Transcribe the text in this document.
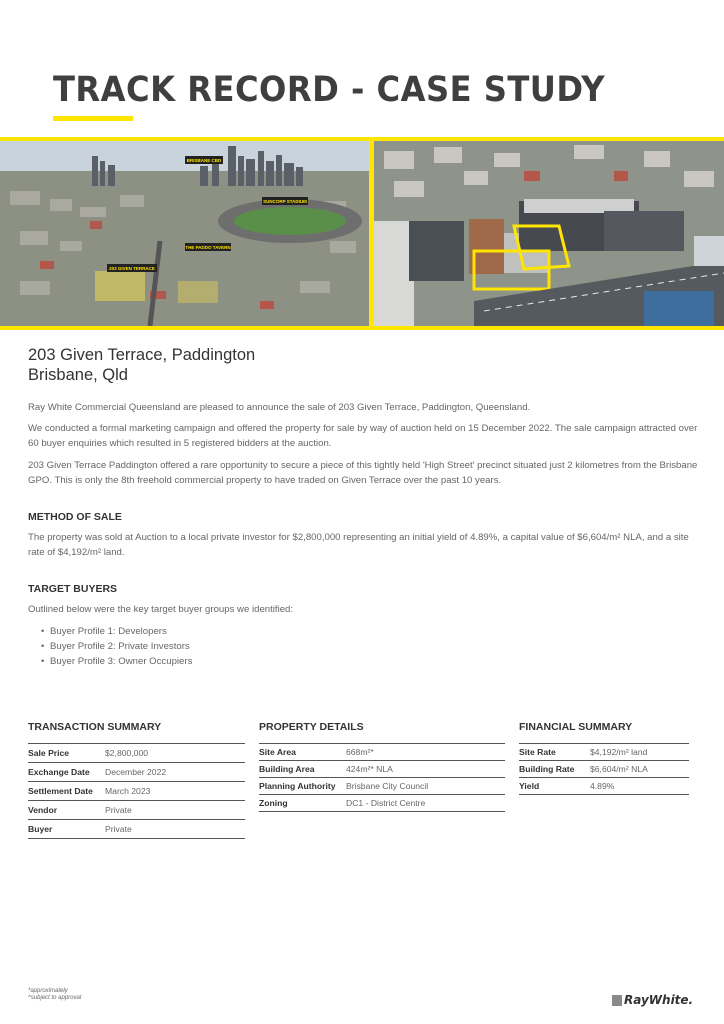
TRACK RECORD - CASE STUDY
BRISBANE CBD
SUNCORP STADIUM
203 GIVEN TERRACE
THE PADDO TAVERN
203 Given Terrace, Paddington
Brisbane, Qld
Ray White Commercial Queensland are pleased to announce the sale of 203 Given Terrace, Paddington, Queensland.
We conducted a formal marketing campaign and offered the property for sale by way of auction held on 15 December 2022. The sale campaign attracted over 60 buyer enquiries which resulted in 5 registered bidders at the auction.
203 Given Terrace Paddington offered a rare opportunity to secure a piece of this tightly held 'High Street' precinct situated just 2 kilometres from the Brisbane GPO. This is only the 8th freehold commercial property to have traded on Given Terrace over the past 10 years.
METHOD OF SALE
The property was sold at Auction to a local private investor for $2,800,000 representing an initial yield of 4.89%, a capital value of $6,604/m² NLA, and a site rate of $4,192/m² land.
TARGET BUYERS
Outlined below were the key target buyer groups we identified:
• Buyer Profile 1: Developers
• Buyer Profile 2: Private Investors
• Buyer Profile 3: Owner Occupiers
TRANSACTION SUMMARY
Sale Price	$2,800,000
Exchange Date	December 2022
Settlement Date	March 2023
Vendor	Private
Buyer	Private
PROPERTY DETAILS
Site Area	668m²*
Building Area	424m²* NLA
Planning Authority	Brisbane City Council
Zoning	DC1 - District Centre
FINANCIAL SUMMARY
Site Rate	$4,192/m² land
Building Rate	$6,604/m² NLA
Yield	4.89%
*approximately
^subject to approval	RayWhite.
